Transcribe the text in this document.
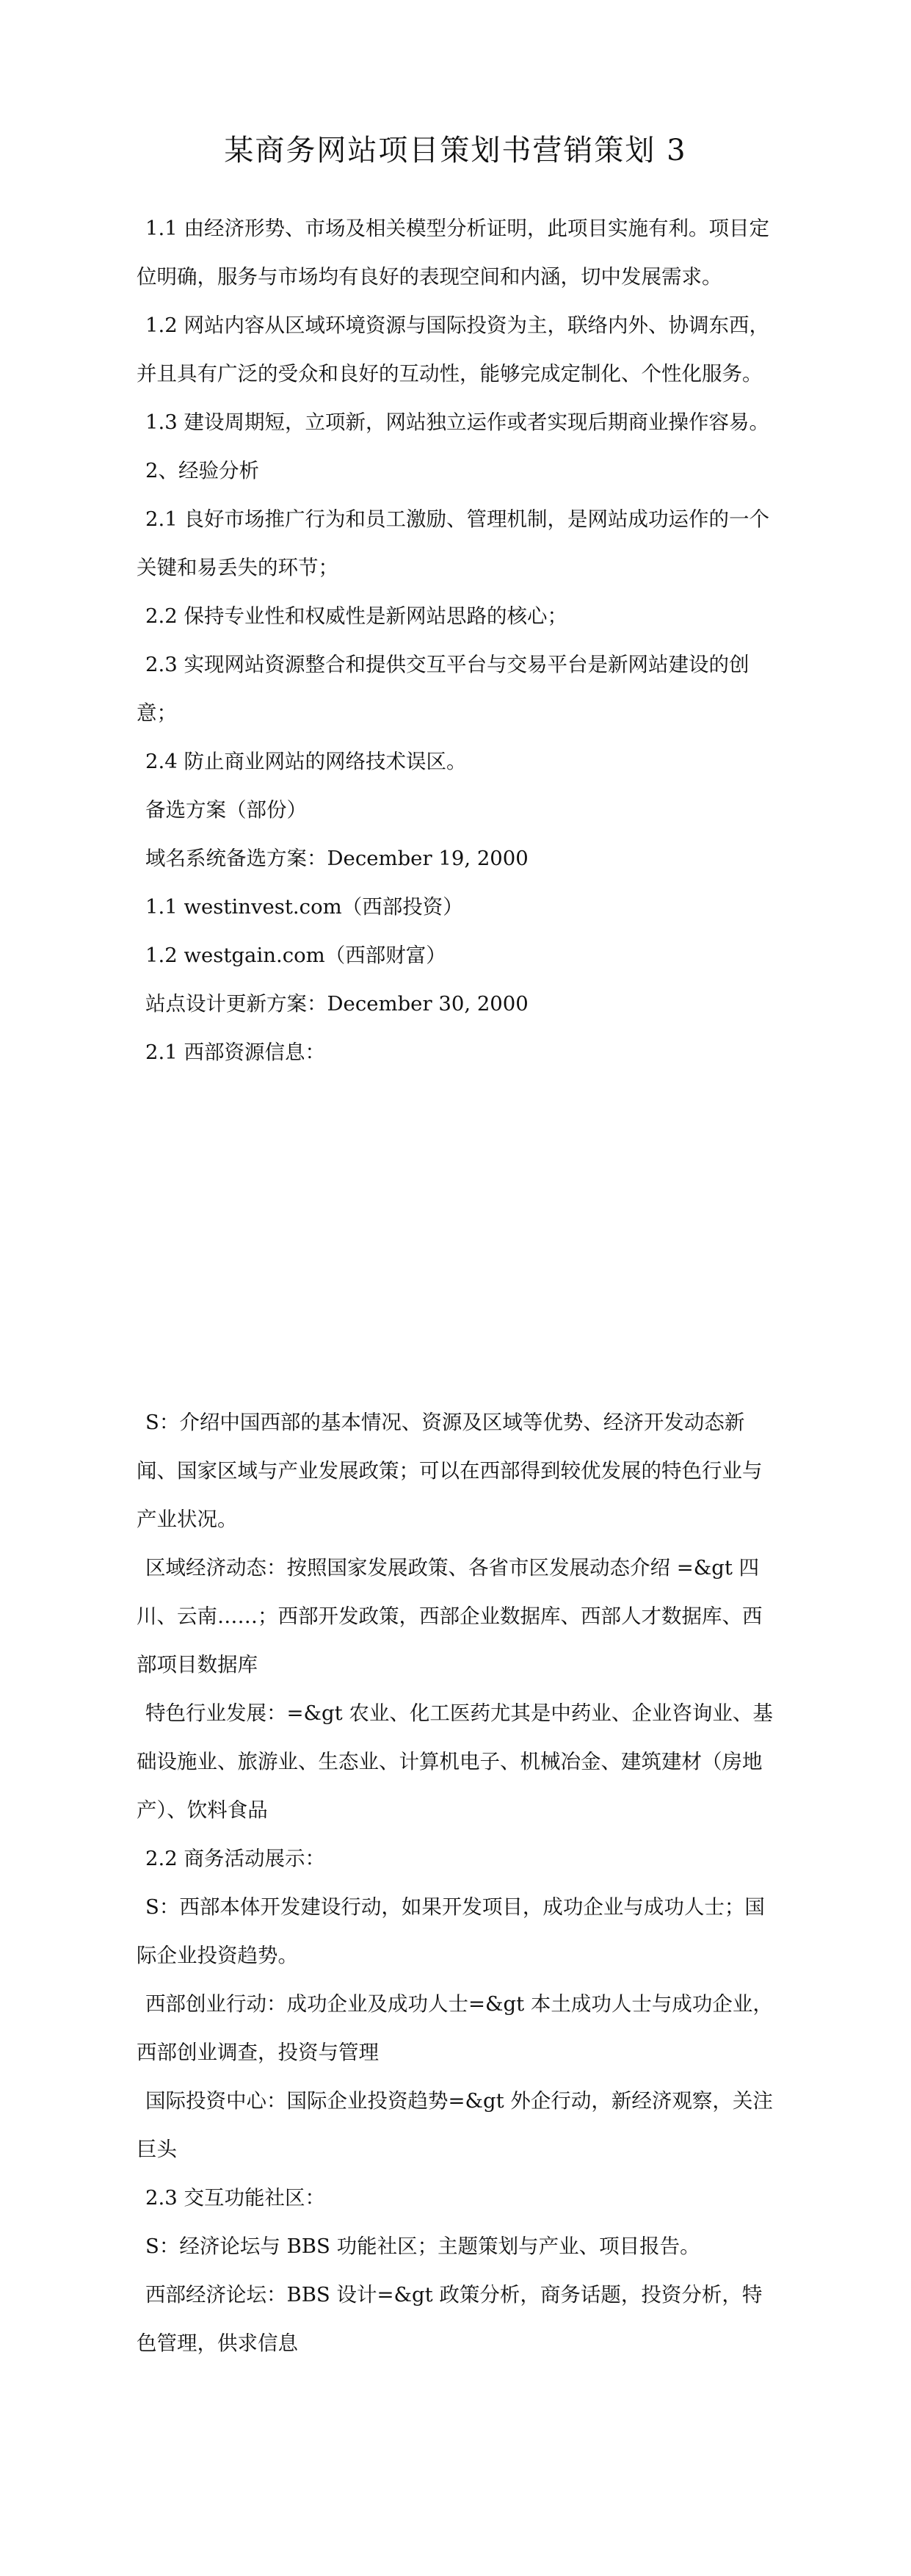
某商务网站项目策划书营销策划 3

1.1 由经济形势、市场及相关模型分析证明，此项目实施有利。项目定位明确，服务与市场均有良好的表现空间和内涵，切中发展需求。

1.2 网站内容从区域环境资源与国际投资为主，联络内外、协调东西，并且具有广泛的受众和良好的互动性，能够完成定制化、个性化服务。

1.3 建设周期短，立项新，网站独立运作或者实现后期商业操作容易。

2、经验分析

2.1 良好市场推广行为和员工激励、管理机制，是网站成功运作的一个关键和易丢失的环节；

2.2 保持专业性和权威性是新网站思路的核心；

2.3 实现网站资源整合和提供交互平台与交易平台是新网站建设的创意；

2.4 防止商业网站的网络技术误区。

备选方案（部份）

域名系统备选方案：December 19, 2000

1.1 westinvest.com（西部投资）

1.2 westgain.com（西部财富）

站点设计更新方案：December 30, 2000

2.1 西部资源信息：

S：介绍中国西部的基本情况、资源及区域等优势、经济开发动态新闻、国家区域与产业发展政策；可以在西部得到较优发展的特色行业与产业状况。

区域经济动态：按照国家发展政策、各省市区发展动态介绍 =&gt 四川、云南……；西部开发政策，西部企业数据库、西部人才数据库、西部项目数据库

特色行业发展：=&gt 农业、化工医药尤其是中药业、企业咨询业、基础设施业、旅游业、生态业、计算机电子、机械冶金、建筑建材（房地产）、饮料食品

2.2 商务活动展示：

S：西部本体开发建设行动，如果开发项目，成功企业与成功人士；国际企业投资趋势。

西部创业行动：成功企业及成功人士=&gt 本土成功人士与成功企业，西部创业调查，投资与管理

国际投资中心：国际企业投资趋势=&gt 外企行动，新经济观察，关注巨头

2.3 交互功能社区：

S：经济论坛与 BBS 功能社区；主题策划与产业、项目报告。

西部经济论坛：BBS 设计=&gt 政策分析，商务话题，投资分析，特色管理，供求信息
